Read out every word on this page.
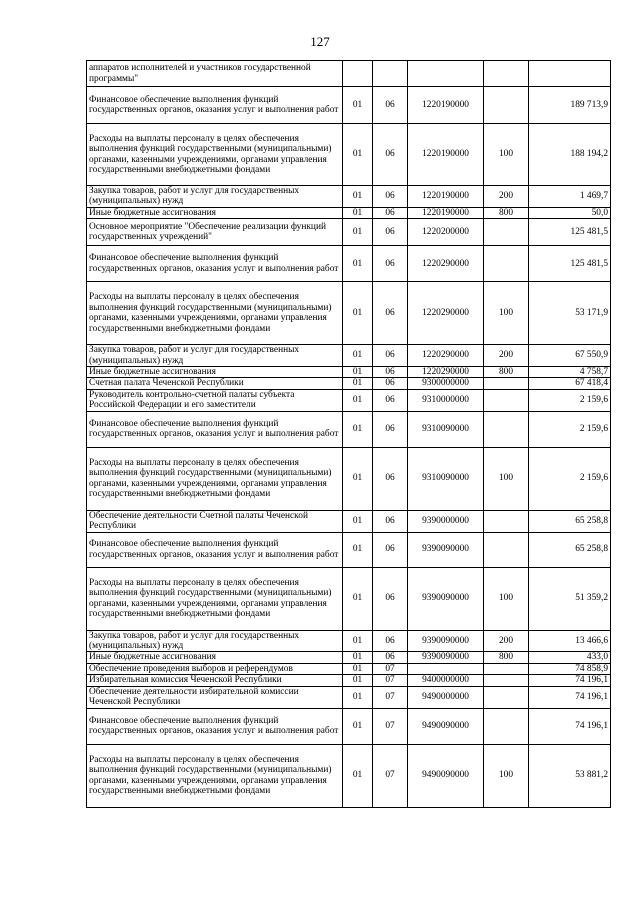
127
аппаратов исполнителей и участников государственной программы"					
Финансовое обеспечение выполнения функций государственных органов, оказания услуг и выполнения работ	01	06	1220190000		189 713,9
Расходы на выплаты персоналу в целях обеспечения выполнения функций государственными (муниципальными) органами, казенными учреждениями, органами управления государственными внебюджетными фондами	01	06	1220190000	100	188 194,2
Закупка товаров, работ и услуг для государственных (муниципальных) нужд	01	06	1220190000	200	1 469,7
Иные бюджетные ассигнования	01	06	1220190000	800	50,0
Основное мероприятие "Обеспечение реализации функций государственных учреждений"	01	06	1220200000		125 481,5
Финансовое обеспечение выполнения функций государственных органов, оказания услуг и выполнения работ	01	06	1220290000		125 481,5
Расходы на выплаты персоналу в целях обеспечения выполнения функций государственными (муниципальными) органами, казенными учреждениями, органами управления государственными внебюджетными фондами	01	06	1220290000	100	53 171,9
Закупка товаров, работ и услуг для государственных (муниципальных) нужд	01	06	1220290000	200	67 550,9
Иные бюджетные ассигнования	01	06	1220290000	800	4 758,7
Счетная палата Чеченской Республики	01	06	9300000000		67 418,4
Руководитель контрольно-счетной палаты субъекта Российской Федерации и его заместители	01	06	9310000000		2 159,6
Финансовое обеспечение выполнения функций государственных органов, оказания услуг и выполнения работ	01	06	9310090000		2 159,6
Расходы на выплаты персоналу в целях обеспечения выполнения функций государственными (муниципальными) органами, казенными учреждениями, органами управления государственными внебюджетными фондами	01	06	9310090000	100	2 159,6
Обеспечение деятельности Счетной палаты Чеченской Республики	01	06	9390000000		65 258,8
Финансовое обеспечение выполнения функций государственных органов, оказания услуг и выполнения работ	01	06	9390090000		65 258,8
Расходы на выплаты персоналу в целях обеспечения выполнения функций государственными (муниципальными) органами, казенными учреждениями, органами управления государственными внебюджетными фондами	01	06	9390090000	100	51 359,2
Закупка товаров, работ и услуг для государственных (муниципальных) нужд	01	06	9390090000	200	13 466,6
Иные бюджетные ассигнования	01	06	9390090000	800	433,0
Обеспечение проведения выборов и референдумов	01	07			74 858,9
Избирательная комиссия Чеченской Республики	01	07	9400000000		74 196,1
Обеспечение деятельности избирательной комиссии Чеченской Республики	01	07	9490000000		74 196,1
Финансовое обеспечение выполнения функций государственных органов, оказания услуг и выполнения работ	01	07	9490090000		74 196,1
Расходы на выплаты персоналу в целях обеспечения выполнения функций государственными (муниципальными) органами, казенными учреждениями, органами управления государственными внебюджетными фондами	01	07	9490090000	100	53 881,2
